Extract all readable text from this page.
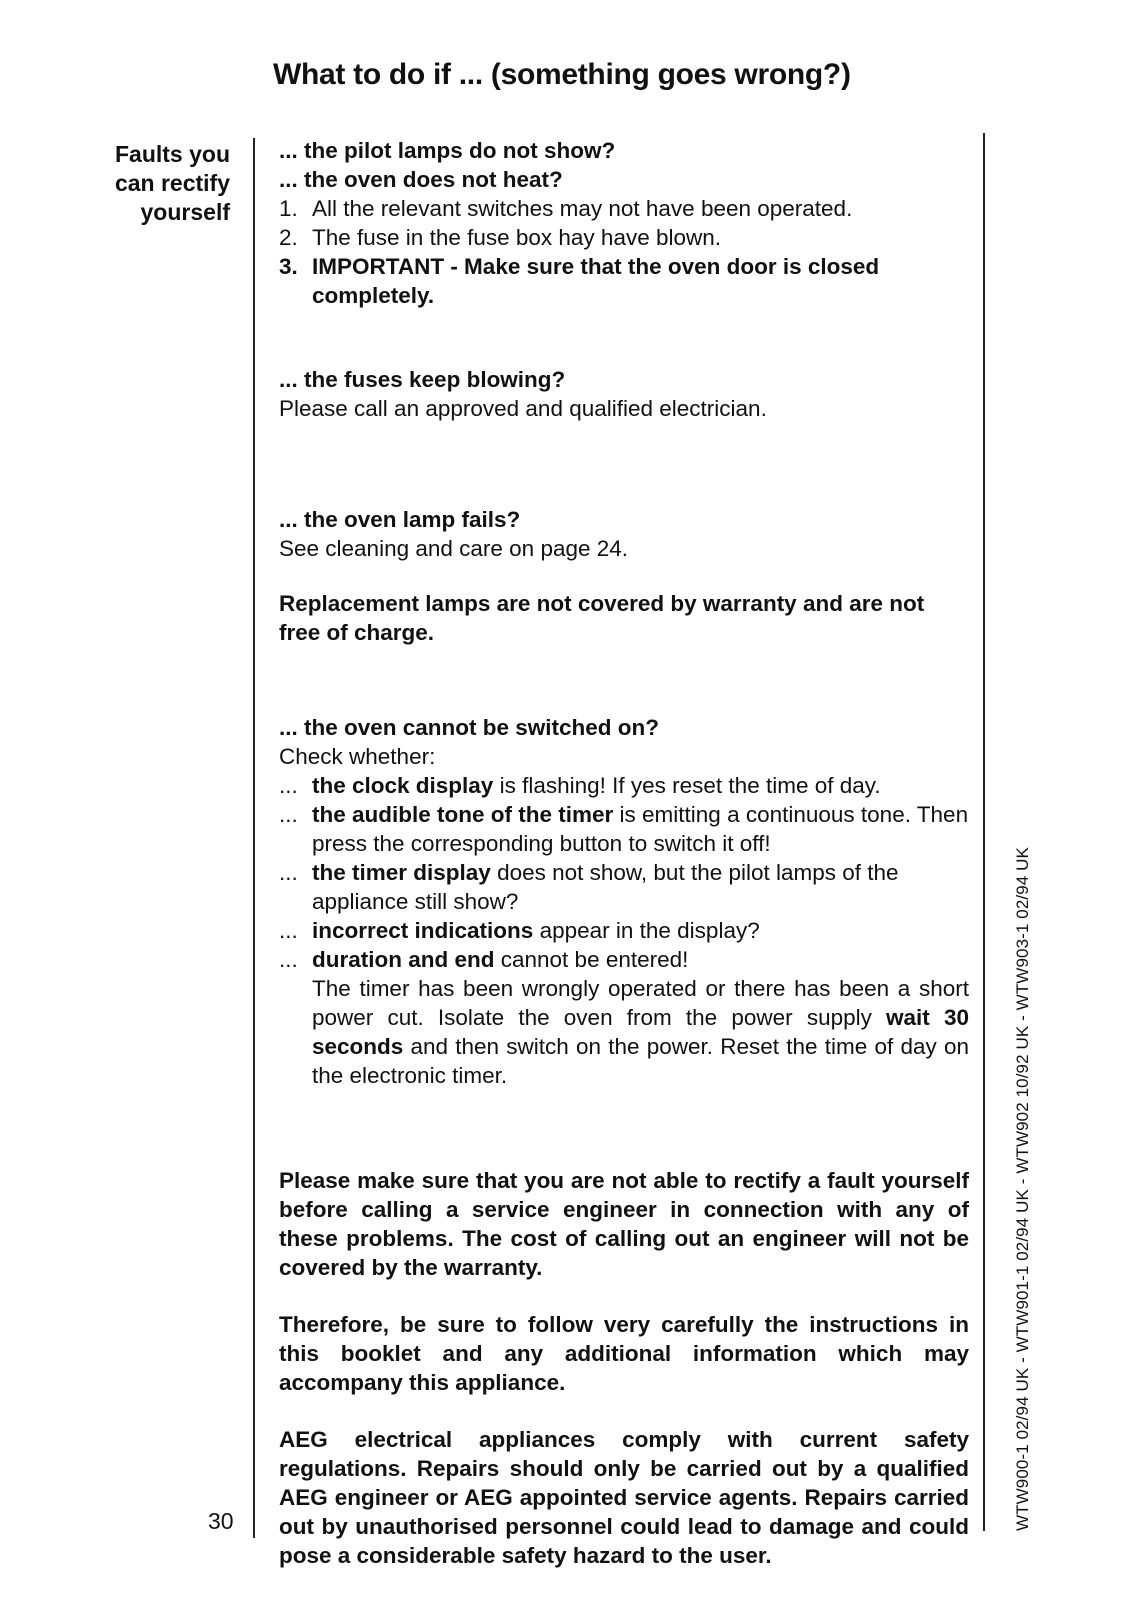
What to do if ... (something goes wrong?)
Faults you
can rectify
yourself
30	WTW900-1 02/94 UK - WTW901-1 02/94 UK - WTW902 10/92 UK - WTW903-1 02/94 UK

... the pilot lamps do not show?

... the oven does not heat?

1. All the relevant switches may not have been operated.

2. The fuse in the fuse box hay have blown.

3. IMPORTANT - Make sure that the oven door is closed completely.

... the fuses keep blowing?

Please call an approved and qualified electrician.

... the oven lamp fails?

See cleaning and care on page 24.

Replacement lamps are not covered by warranty and are not free of charge.

... the oven cannot be switched on?

Check whether:

... the clock display is flashing! If yes reset the time of day.

... the audible tone of the timer is emitting a continuous tone. Then press the corresponding button to switch it off!

... the timer display does not show, but the pilot lamps of the appliance still show?

... incorrect indications appear in the display?

... duration and end cannot be entered!

The timer has been wrongly operated or there has been a short power cut. Isolate the oven from the power supply wait 30 seconds and then switch on the power. Reset the time of day on the electronic timer.

Please make sure that you are not able to rectify a fault yourself before calling a service engineer in connection with any of these problems. The cost of calling out an engineer will not be covered by the warranty.

Therefore, be sure to follow very carefully the instructions in this booklet and any additional information which may accompany this appliance.

AEG electrical appliances comply with current safety regulations. Repairs should only be carried out by a qualified AEG engineer or AEG appointed service agents. Repairs carried out by unauthorised personnel could lead to damage and could pose a considerable safety hazard to the user.
